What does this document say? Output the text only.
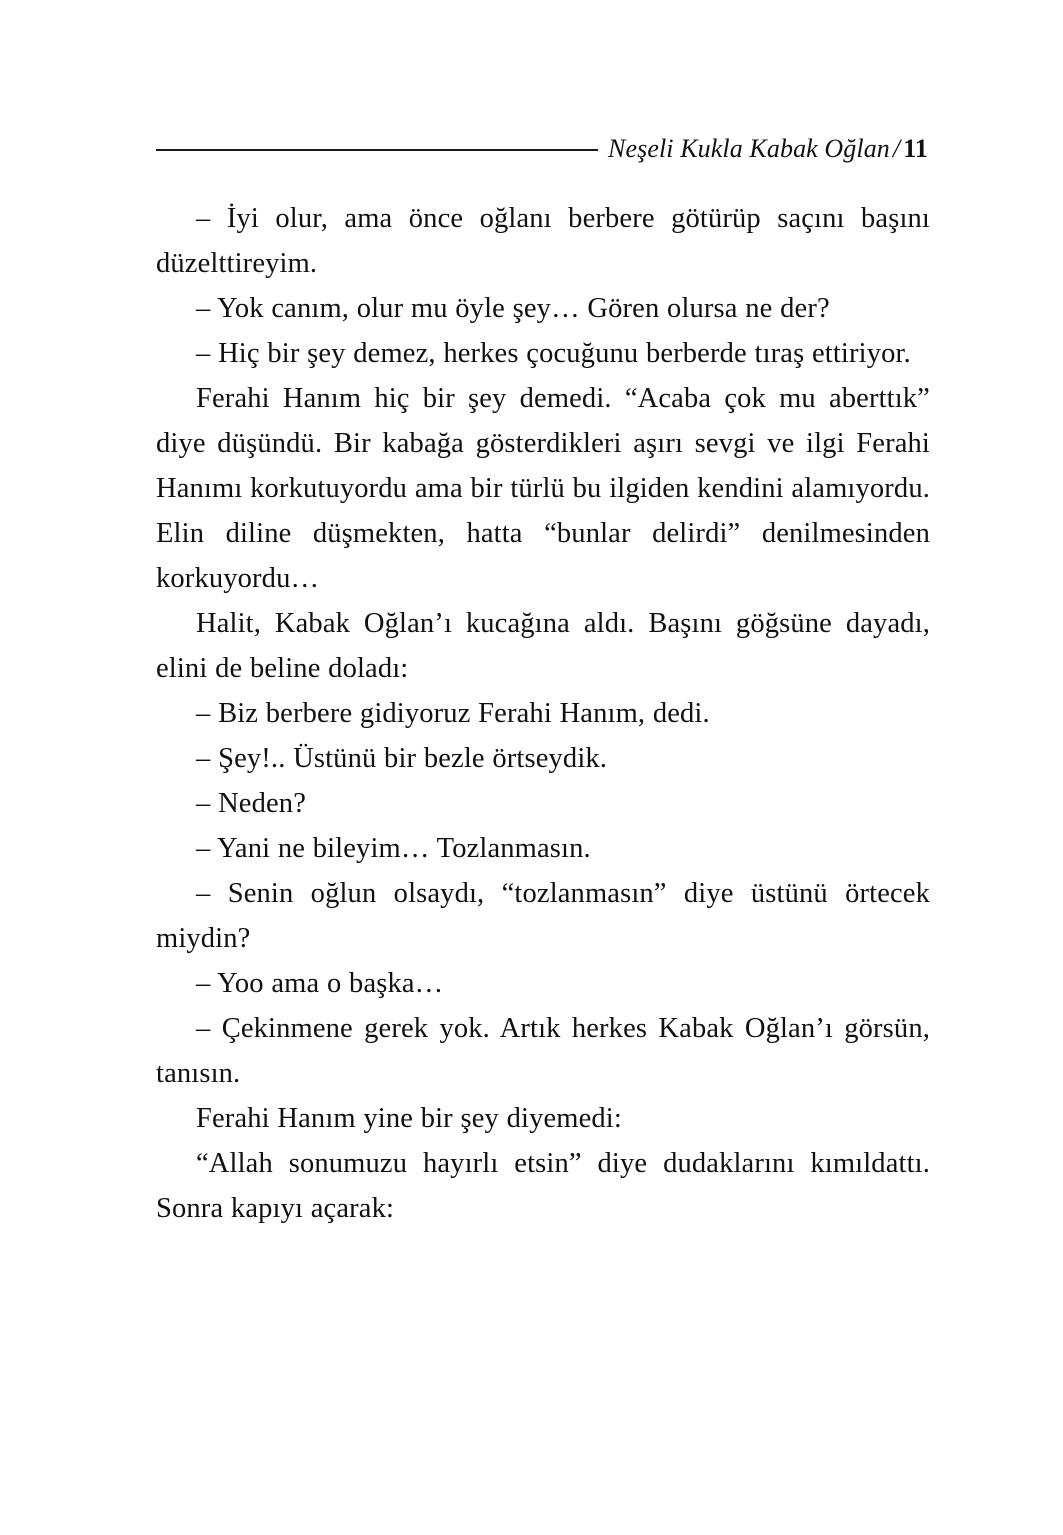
Neşeli Kukla Kabak Oğlan / 11

– İyi olur, ama önce oğlanı berbere götürüp saçını başını düzelttireyim.

– Yok canım, olur mu öyle şey… Gören olursa ne der?

– Hiç bir şey demez, herkes çocuğunu berberde tıraş ettiriyor.

Ferahi Hanım hiç bir şey demedi. “Acaba çok mu aberttık” diye düşündü. Bir kabağa gösterdikleri aşırı sevgi ve ilgi Ferahi Hanımı korkutuyordu ama bir türlü bu ilgiden kendini alamıyordu. Elin diline düşmekten, hatta “bunlar delirdi” denilmesinden korkuyordu…

Halit, Kabak Oğlan’ı kucağına aldı. Başını göğsüne dayadı, elini de beline doladı:

– Biz berbere gidiyoruz Ferahi Hanım, dedi.

– Şey!.. Üstünü bir bezle örtseydik.

– Neden?

– Yani ne bileyim… Tozlanmasın.

– Senin oğlun olsaydı, “tozlanmasın” diye üstünü örtecek miydin?

– Yoo ama o başka…

– Çekinmene gerek yok. Artık herkes Kabak Oğlan’ı görsün, tanısın.

Ferahi Hanım yine bir şey diyemedi:

“Allah sonumuzu hayırlı etsin” diye dudaklarını kımıldattı. Sonra kapıyı açarak:
